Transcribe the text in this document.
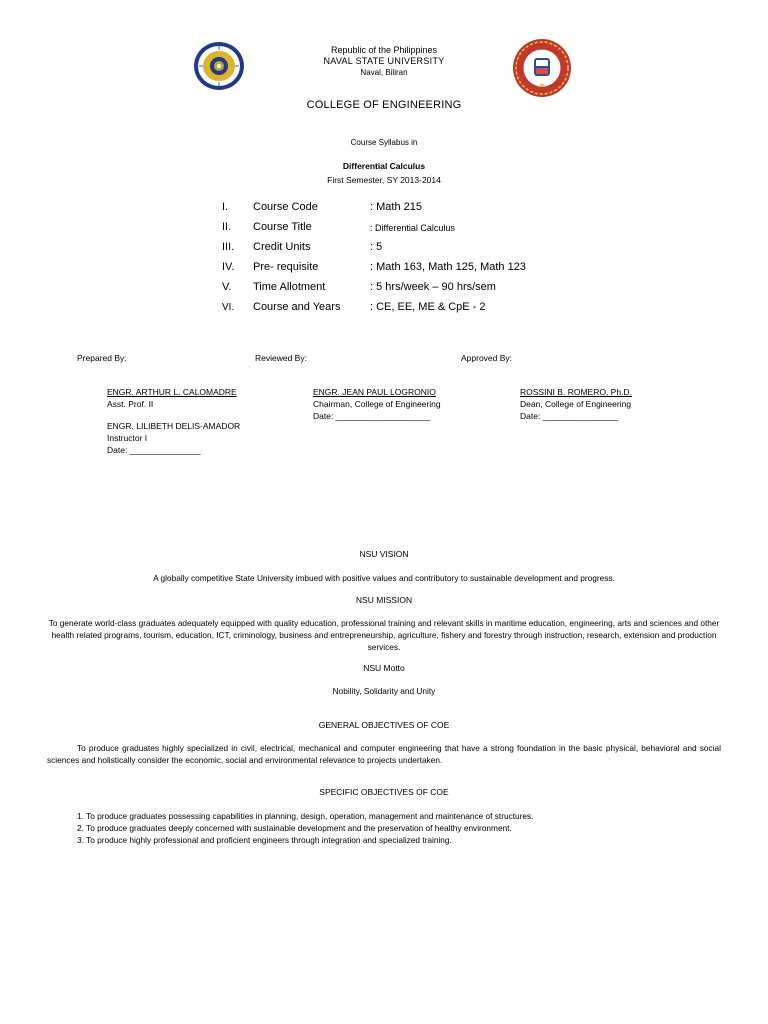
Republic of the Philippines
NAVAL STATE UNIVERSITY
Naval, Biliran
COLLEGE OF ENGINEERING
Course Syllabus in
Differential Calculus
First Semester, SY 2013-2014
I. Course Code	: Math 215
II. Course Title	: Differential Calculus
III. Credit Units	: 5
IV. Pre- requisite	: Math 163, Math 125, Math 123
V. Time Allotment	: 5 hrs/week – 90 hrs/sem
VI. Course and Years	: CE, EE, ME & CpE - 2
Prepared By:	Reviewed By:	Approved By:
ENGR. ARTHUR L. CALOMADRE
Asst. Prof. II
ENGR. LILIBETH DELIS-AMADOR
Instructor I
Date: _______________
ENGR. JEAN PAUL LOGRONIO
Chairman, College of Engineering
Date: ____________________
ROSSINI B. ROMERO, Ph.D.
Dean, College of Engineering
Date: ________________
NSU VISION
A globally competitive State University imbued with positive values and contributory to sustainable development and progress.
NSU MISSION
To generate world-class graduates adequately equipped with quality education, professional training and relevant skills in maritime education, engineering, arts and sciences and other health related programs, tourism, education, ICT, criminology, business and entrepreneurship, agriculture, fishery and forestry through instruction, research, extension and production services.
NSU Motto
Nobility, Solidarity and Unity
GENERAL OBJECTIVES OF COE
To produce graduates highly specialized in civil, electrical, mechanical and computer engineering that have a strong foundation in the basic physical, behavioral and social sciences and holistically consider the economic, social and environmental relevance to projects undertaken.
SPECIFIC OBJECTIVES OF COE
1. To produce graduates possessing capabilities in planning, design, operation, management and maintenance of structures.
2. To produce graduates deeply concerned with sustainable development and the preservation of healthy environment.
3. To produce highly professional and proficient engineers through integration and specialized training.
